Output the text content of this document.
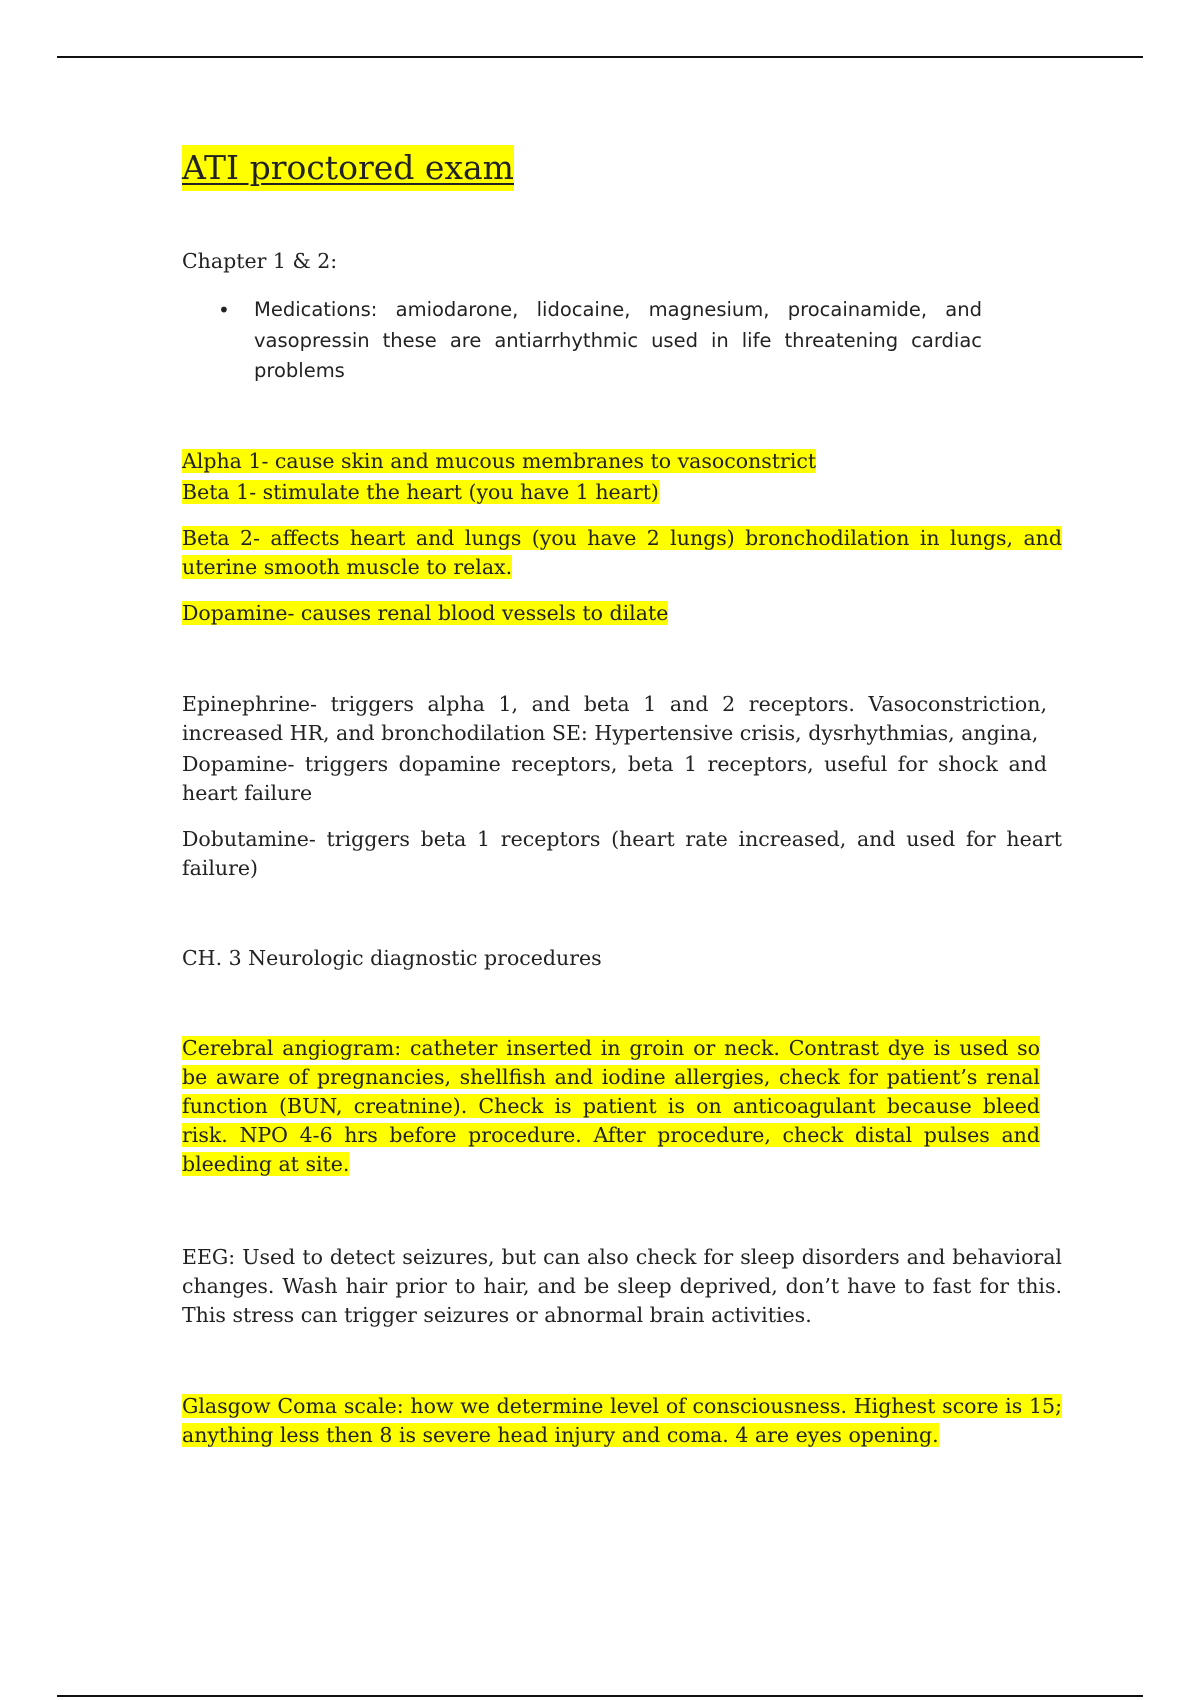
ATI proctored exam

Chapter 1 & 2:

• Medications: amiodarone, lidocaine, magnesium, procainamide, and vasopressin these are antiarrhythmic used in life threatening cardiac problems

Alpha 1- cause skin and mucous membranes to vasoconstrict

Beta 1- stimulate the heart (you have 1 heart)

Beta 2- affects heart and lungs (you have 2 lungs) bronchodilation in lungs, and uterine smooth muscle to relax.

Dopamine- causes renal blood vessels to dilate

Epinephrine- triggers alpha 1, and beta 1 and 2 receptors. Vasoconstriction, increased HR, and bronchodilation SE: Hypertensive crisis, dysrhythmias, angina,

Dopamine- triggers dopamine receptors, beta 1 receptors, useful for shock and heart failure

Dobutamine- triggers beta 1 receptors (heart rate increased, and used for heart failure)

CH. 3 Neurologic diagnostic procedures

Cerebral angiogram: catheter inserted in groin or neck. Contrast dye is used so be aware of pregnancies, shellfish and iodine allergies, check for patient’s renal function (BUN, creatnine). Check is patient is on anticoagulant because bleed risk. NPO 4-6 hrs before procedure. After procedure, check distal pulses and bleeding at site.

EEG: Used to detect seizures, but can also check for sleep disorders and behavioral changes. Wash hair prior to hair, and be sleep deprived, don’t have to fast for this. This stress can trigger seizures or abnormal brain activities.

Glasgow Coma scale: how we determine level of consciousness. Highest score is 15; anything less then 8 is severe head injury and coma. 4 are eyes opening.
